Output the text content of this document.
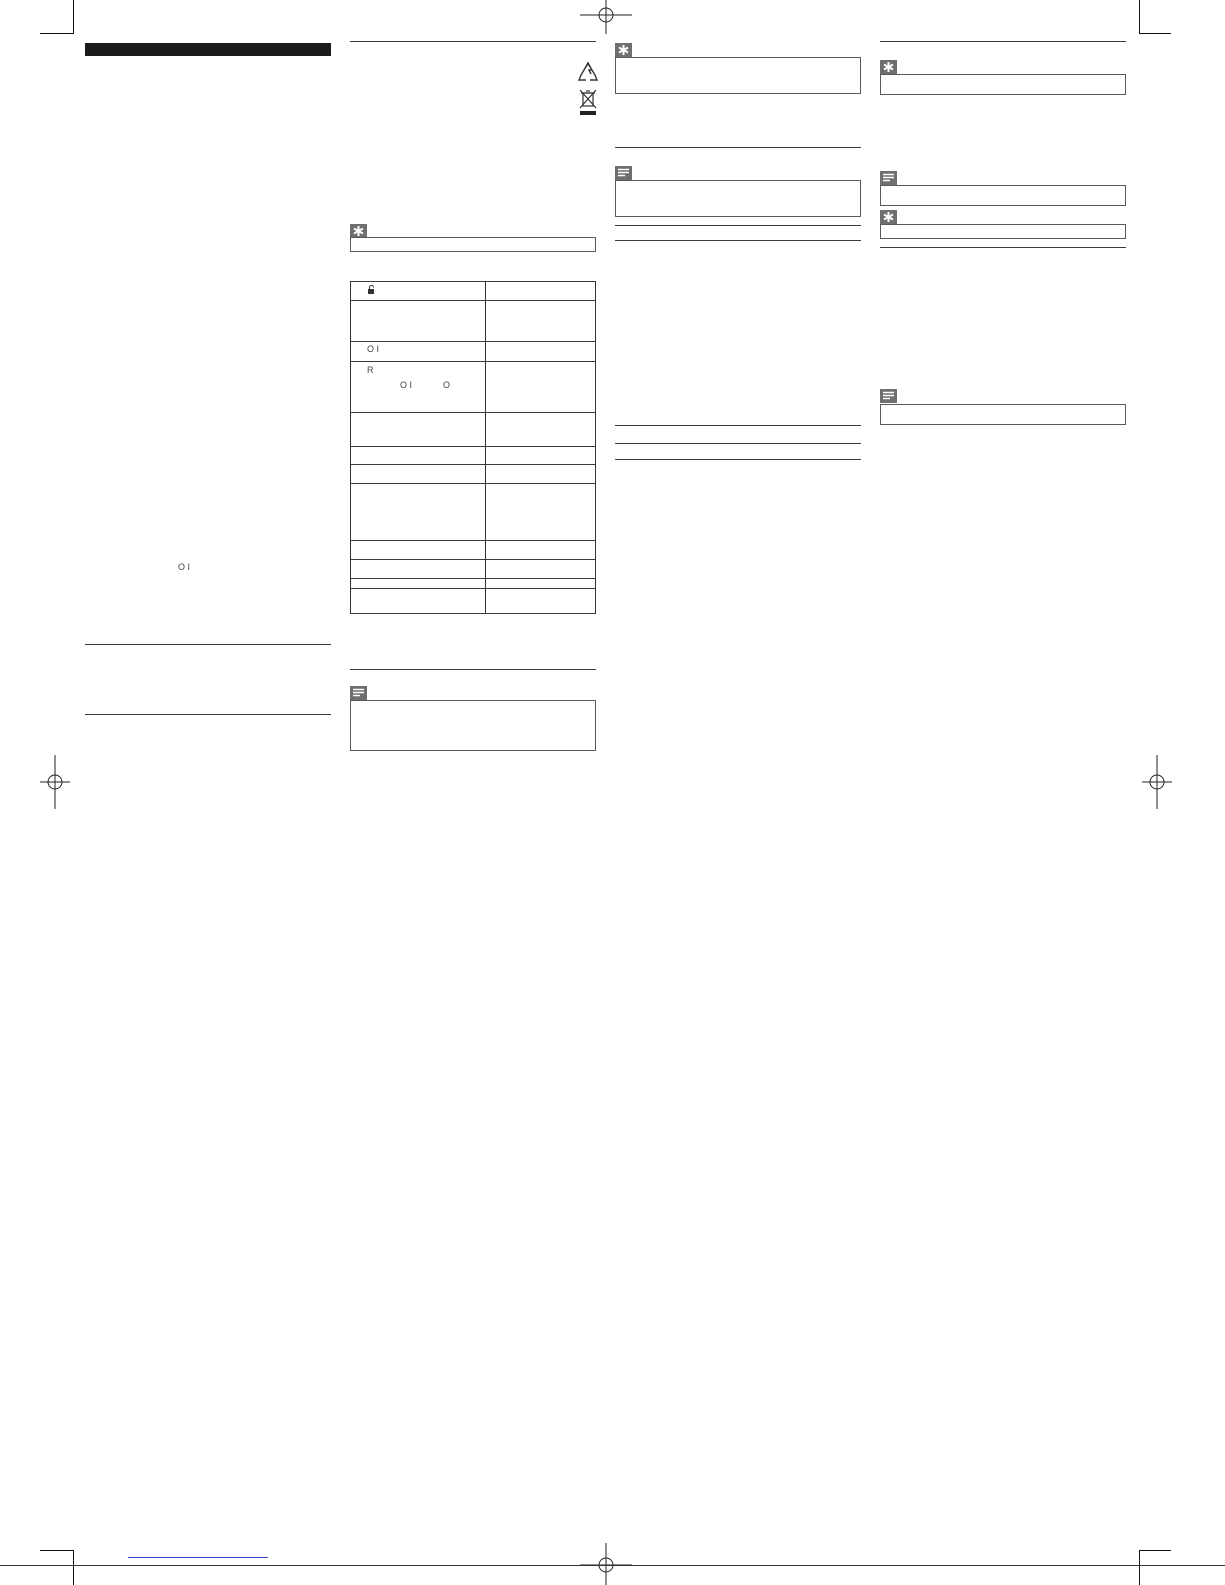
O I
O I
R
O I	O
